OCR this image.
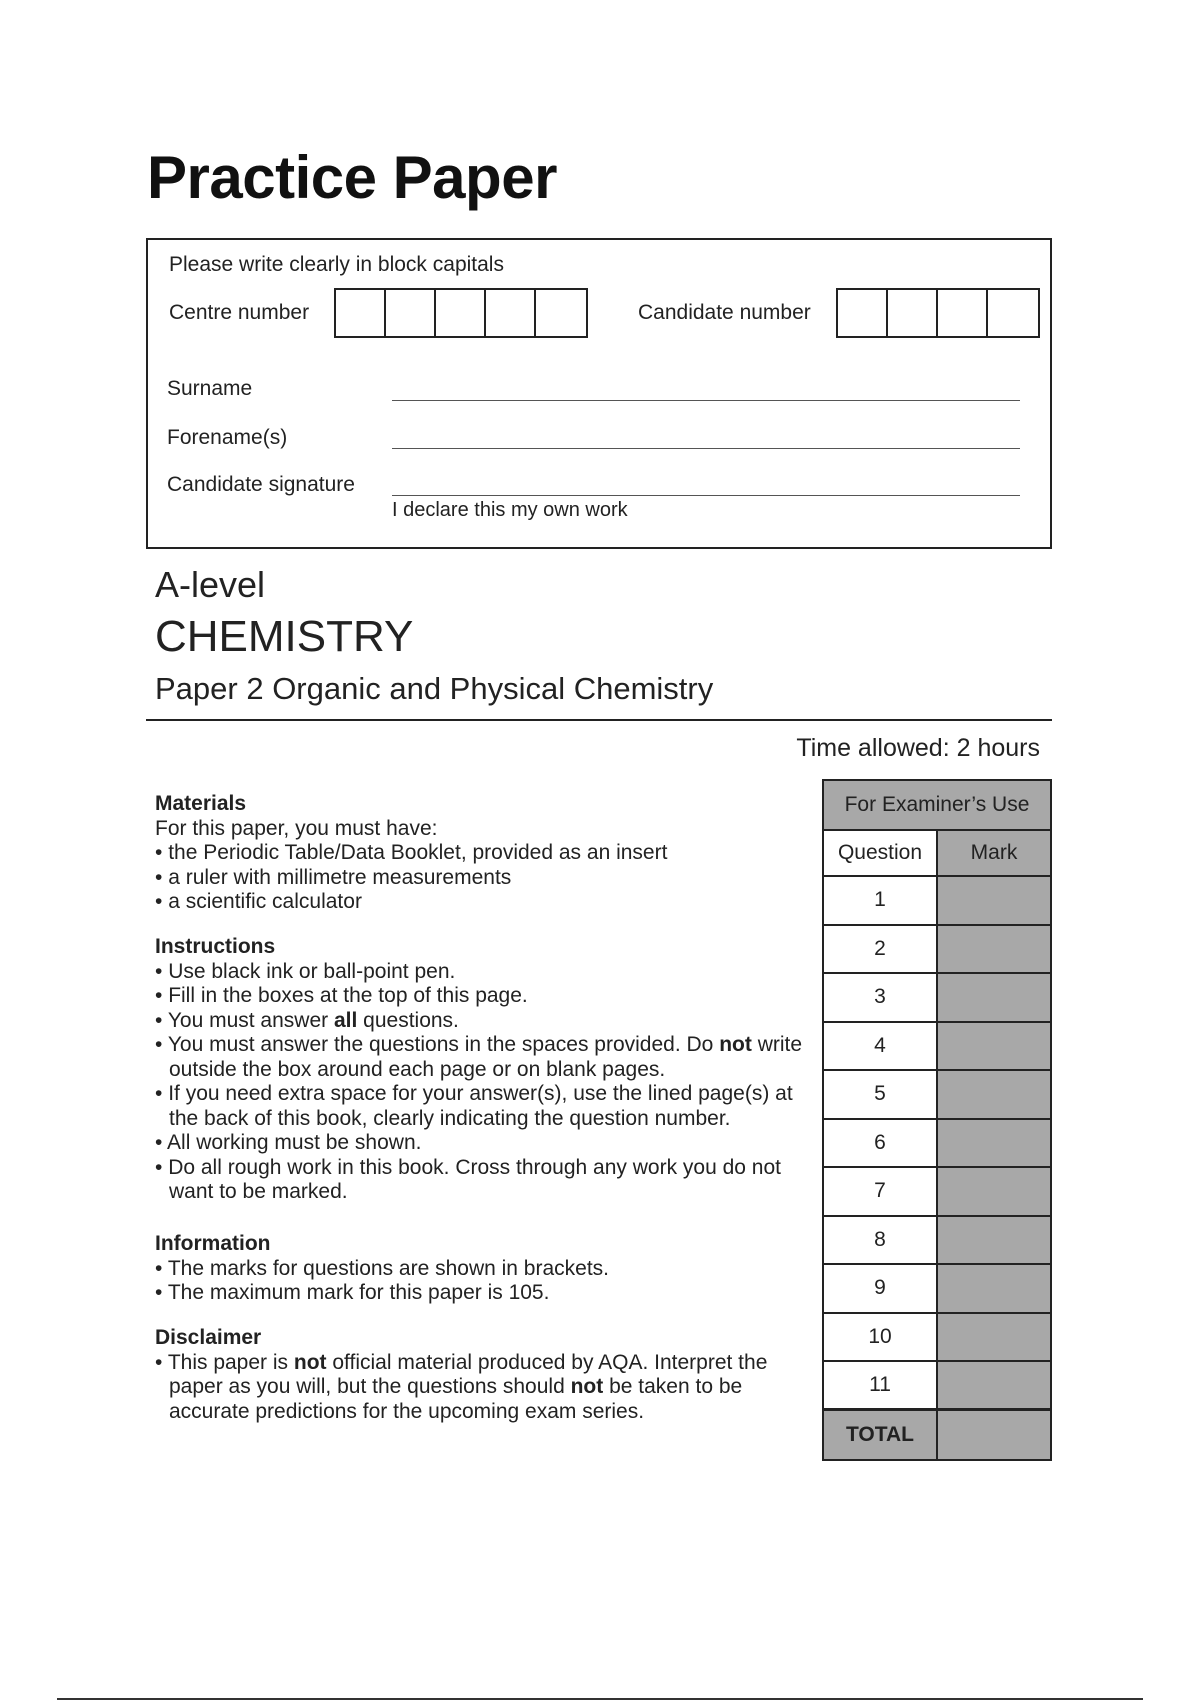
Practice Paper
Please write clearly in block capitals
Centre number	Candidate number
Surname
Forename(s)
Candidate signature
I declare this my own work
A-level
CHEMISTRY
Paper 2 Organic and Physical Chemistry
Time allowed: 2 hours
Materials
For this paper, you must have:
• the Periodic Table/Data Booklet, provided as an insert
• a ruler with millimetre measurements
• a scientific calculator
Instructions
• Use black ink or ball-point pen.
• Fill in the boxes at the top of this page.
• You must answer all questions.
• You must answer the questions in the spaces provided. Do not write outside the box around each page or on blank pages.
• If you need extra space for your answer(s), use the lined page(s) at the back of this book, clearly indicating the question number.
• All working must be shown.
• Do all rough work in this book. Cross through any work you do not want to be marked.
Information
• The marks for questions are shown in brackets.
• The maximum mark for this paper is 105.
Disclaimer
• This paper is not official material produced by AQA. Interpret the paper as you will, but the questions should not be taken to be accurate predictions for the upcoming exam series.
For Examiner’s Use	
Question	Mark
1	
2	
3	
4	
5	
6	
7	
8	
9	
10	
11	
TOTAL	
